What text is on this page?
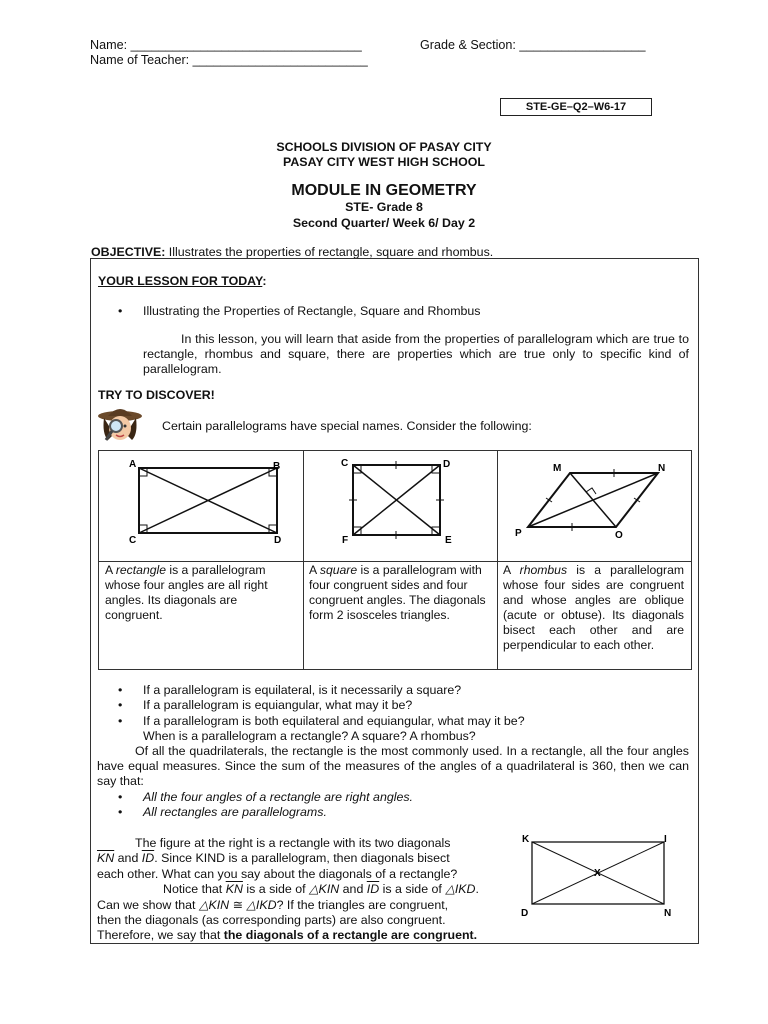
Name: _________________________________	Grade & Section: __________________
Name of Teacher: _________________________
STE-GE–Q2–W6-17
SCHOOLS DIVISION OF PASAY CITY
PASAY CITY WEST HIGH SCHOOL
MODULE IN GEOMETRY
STE- Grade 8
Second Quarter/ Week 6/ Day 2
OBJECTIVE: Illustrates the properties of rectangle, square and rhombus.
YOUR LESSON FOR TODAY:
• Illustrating the Properties of Rectangle, Square and Rhombus
In this lesson, you will learn that aside from the properties of parallelogram which are true to rectangle, rhombus and square, there are properties which are true only to specific kind of parallelogram.
TRY TO DISCOVER!
Certain parallelograms have special names. Consider the following:
A	B
C	D
C	D
F	E
M	N
P	O
A rectangle is a parallelogram whose four angles are all right angles. Its diagonals are congruent.
A square is a parallelogram with four congruent sides and four congruent angles. The diagonals form 2 isosceles triangles.
A rhombus is a parallelogram whose four sides are congruent and whose angles are oblique (acute or obtuse). Its diagonals bisect each other and are perpendicular to each other.
• If a parallelogram is equilateral, is it necessarily a square?
• If a parallelogram is equiangular, what may it be?
• If a parallelogram is both equilateral and equiangular, what may it be?
When is a parallelogram a rectangle? A square? A rhombus?
Of all the quadrilaterals, the rectangle is the most commonly used. In a rectangle, all the four angles have equal measures. Since the sum of the measures of the angles of a quadrilateral is 360, then we can say that:
• All the four angles of a rectangle are right angles.
• All rectangles are parallelograms.
The figure at the right is a rectangle with its two diagonals
$\overline{KN}$ and $\overline{ID}$. Since KIND is a parallelogram, then diagonals bisect
each other. What can you say about the diagonals of a rectangle?
Notice that $\overline{KN}$ is a side of △KIN and $\overline{ID}$ is a side of △IKD.
Can we show that △KIN ≅ △IKD? If the triangles are congruent,
then the diagonals (as corresponding parts) are also congruent.
Therefore, we say that the diagonals of a rectangle are congruent.
K	I
D	N
X
